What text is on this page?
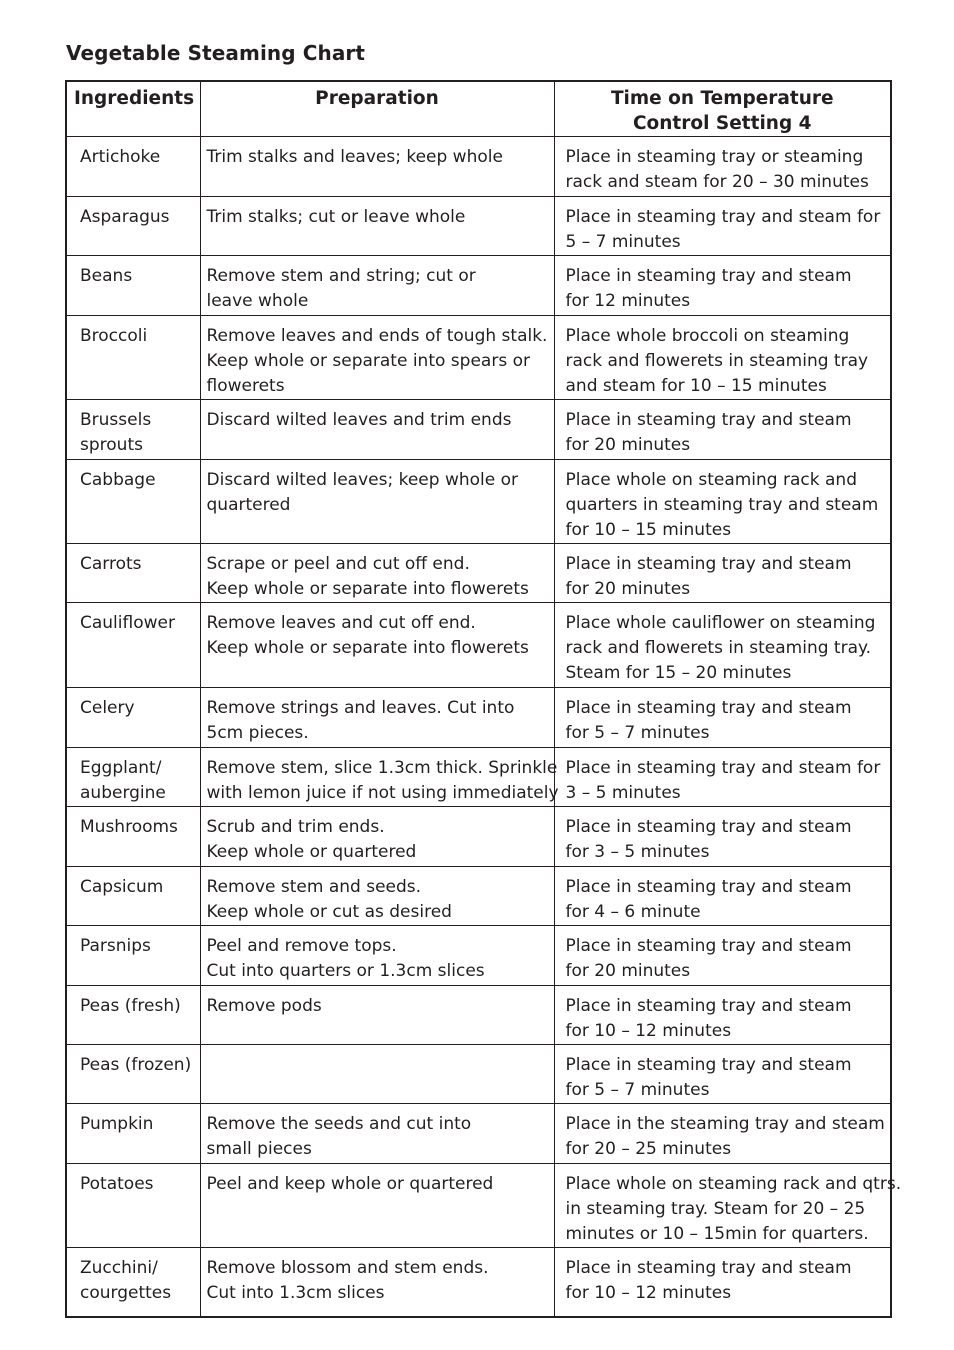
Vegetable Steaming Chart
Ingredients	Preparation	Time on Temperature
Control Setting 4

Artichoke	Trim stalks and leaves; keep whole	Place in steaming tray or steaming
rack and steam for 20 – 30 minutes

Asparagus	Trim stalks; cut or leave whole	Place in steaming tray and steam for
5 – 7 minutes

Beans	Remove stem and string; cut or
leave whole	Place in steaming tray and steam
for 12 minutes

Broccoli	Remove leaves and ends of tough stalk.
Keep whole or separate into spears or
flowerets	Place whole broccoli on steaming
rack and flowerets in steaming tray
and steam for 10 – 15 minutes

Brussels
sprouts	Discard wilted leaves and trim ends	Place in steaming tray and steam
for 20 minutes

Cabbage	Discard wilted leaves; keep whole or
quartered	Place whole on steaming rack and
quarters in steaming tray and steam
for 10 – 15 minutes

Carrots	Scrape or peel and cut off end.
Keep whole or separate into flowerets	Place in steaming tray and steam
for 20 minutes

Cauliflower	Remove leaves and cut off end.
Keep whole or separate into flowerets	Place whole cauliflower on steaming
rack and flowerets in steaming tray.
Steam for 15 – 20 minutes

Celery	Remove strings and leaves. Cut into
5cm pieces.	Place in steaming tray and steam
for 5 – 7 minutes

Eggplant/
aubergine	Remove stem, slice 1.3cm thick. Sprinkle
with lemon juice if not using immediately	Place in steaming tray and steam for
3 – 5 minutes

Mushrooms	Scrub and trim ends.
Keep whole or quartered	Place in steaming tray and steam
for 3 – 5 minutes

Capsicum	Remove stem and seeds.
Keep whole or cut as desired	Place in steaming tray and steam
for 4 – 6 minute

Parsnips	Peel and remove tops.
Cut into quarters or 1.3cm slices	Place in steaming tray and steam
for 20 minutes

Peas (fresh)	Remove pods	Place in steaming tray and steam
for 10 – 12 minutes

Peas (frozen)		Place in steaming tray and steam
for 5 – 7 minutes

Pumpkin	Remove the seeds and cut into
small pieces	Place in the steaming tray and steam
for 20 – 25 minutes

Potatoes	Peel and keep whole or quartered	Place whole on steaming rack and qtrs.
in steaming tray. Steam for 20 – 25
minutes or 10 – 15min for quarters.

Zucchini/
courgettes	Remove blossom and stem ends.
Cut into 1.3cm slices	Place in steaming tray and steam
for 10 – 12 minutes
